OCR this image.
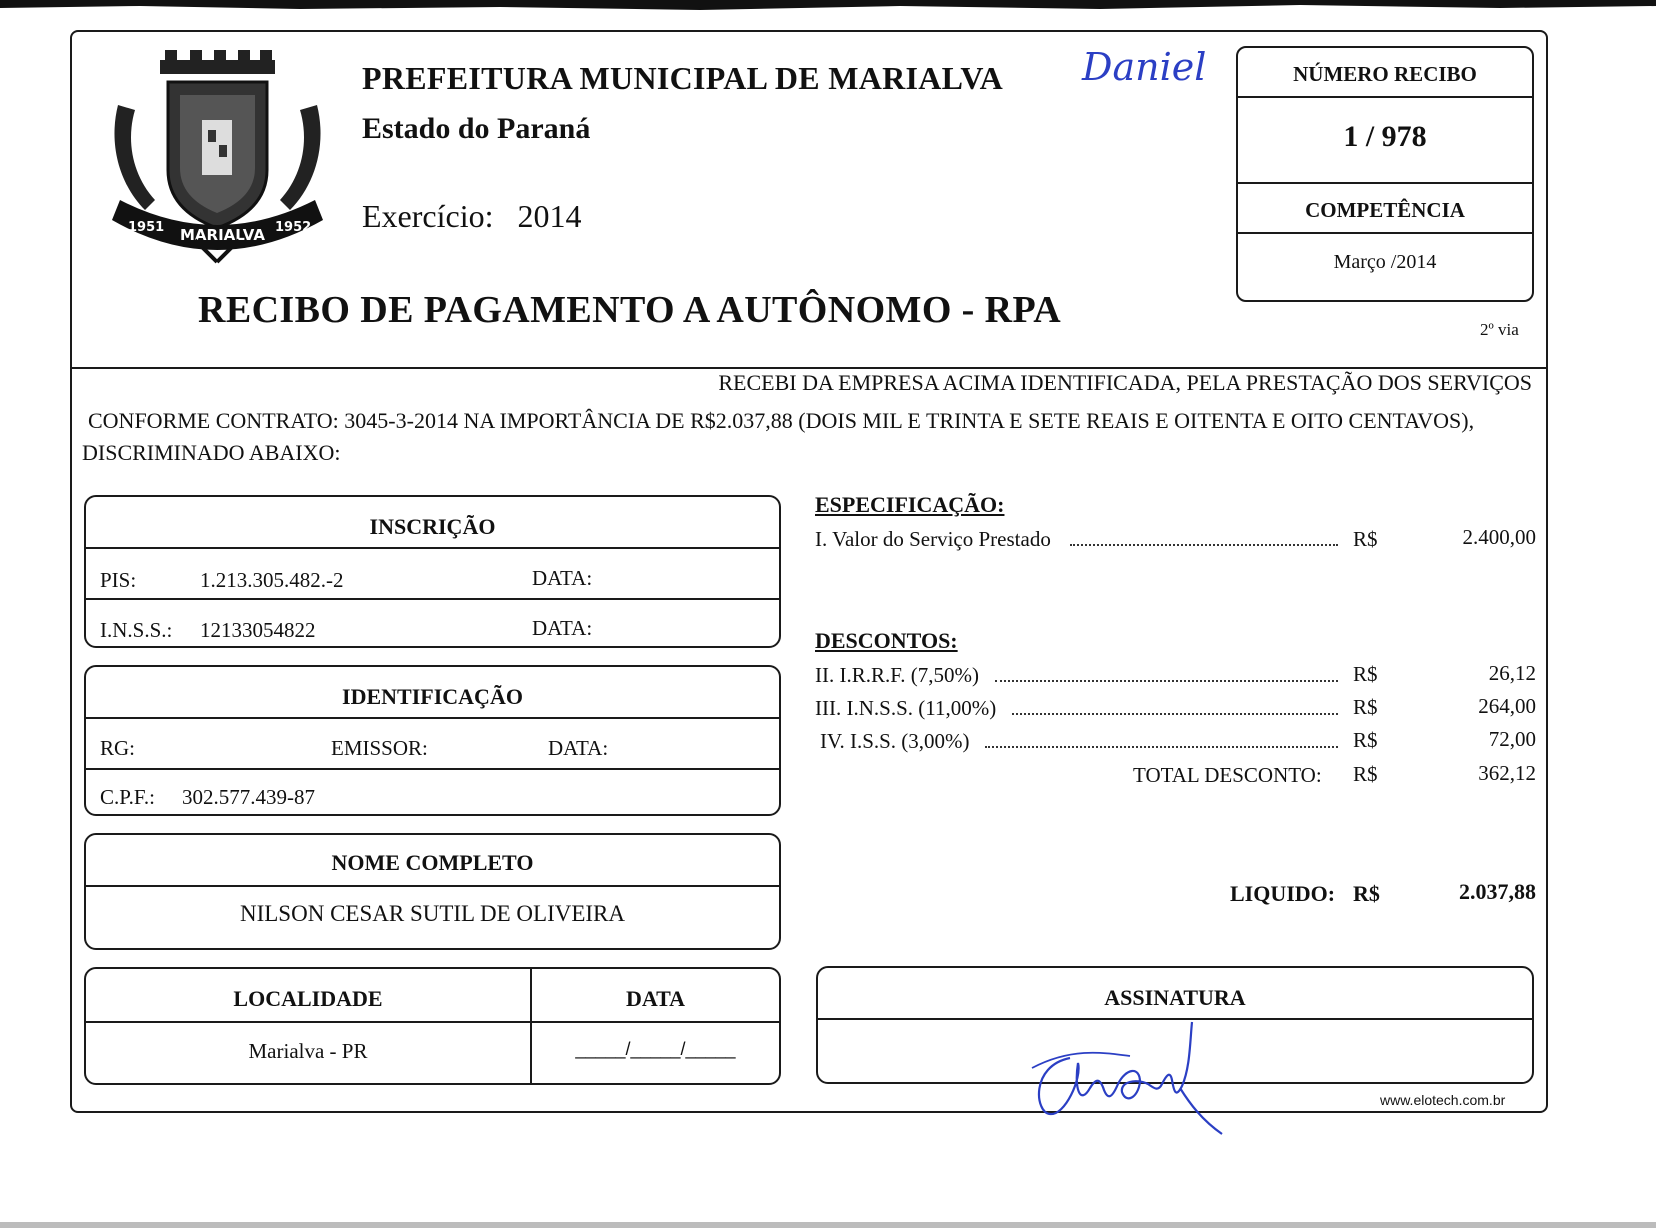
1951 MARIALVA 1952
PREFEITURA MUNICIPAL DE MARIALVA
Estado do Paraná
Exercício: 2014
RECIBO DE PAGAMENTO A AUTÔNOMO - RPA
Daniel	NÚMERO RECIBO
1 / 978
COMPETÊNCIA
Março /2014
2º via
RECEBI DA EMPRESA ACIMA IDENTIFICADA, PELA PRESTAÇÃO DOS SERVIÇOS
CONFORME CONTRATO: 3045-3-2014 NA IMPORTÂNCIA DE R$2.037,88 (DOIS MIL E TRINTA E SETE REAIS E OITENTA E OITO CENTAVOS),
DISCRIMINADO ABAIXO:
INSCRIÇÃO
PIS:	1.213.305.482.-2	DATA:
I.N.S.S.: 12133054822	DATA:
IDENTIFICAÇÃO
RG:	EMISSOR:	DATA:
C.P.F.: 302.577.439-87
NOME COMPLETO
NILSON CESAR SUTIL DE OLIVEIRA
LOCALIDADE	DATA
Marialva - PR	_____/_____/_____
ESPECIFICAÇÃO:
I. Valor do Serviço Prestado	R$	2.400,00
DESCONTOS:
II. I.R.R.F. (7,50%)	R$	26,12
III. I.N.S.S. (11,00%)	R$	264,00
IV. I.S.S. (3,00%)	R$	72,00
TOTAL DESCONTO: R$	362,12
LIQUIDO: R$	2.037,88
ASSINATURA
www.elotech.com.br
